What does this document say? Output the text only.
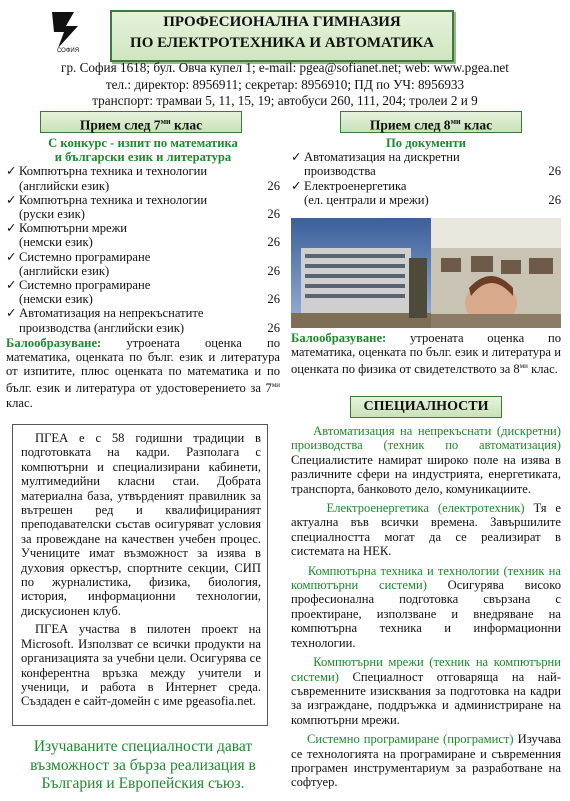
СОФИЯ
ПРОФЕСИОНАЛНА ГИМНАЗИЯ
ПО ЕЛЕКТРОТЕХНИКА И АВТОМАТИКА
гр. София 1618; бул. Овча купел 1; e-mail: pgea@sofianet.net; web: www.pgea.net
тел.: директор: 8956911; секретар: 8956910; ПД по УЧ: 8956933
транспорт: трамваи 5, 11, 15, 19; автобуси 260, 111, 204; тролеи 2 и 9
Прием след $7^{ми}$ клас	Прием след $8^{ми}$ клас
С конкурс - изпит по математика
и български език и литература
✓ Компютърна техника и технологии
(английски език)	26
✓ Компютърна техника и технологии
(руски език)	26
✓ Компютърни мрежи
(немски език)	26
✓ Системно програмиране
(английски език)	26
✓ Системно програмиране
(немски език)	26
✓ Автоматизация на непрекъснатите
производства (английски език)	26
Балообразуване: утроената оценка по математика, оценката по бълг. език и литература от изпитите, плюс оценката по математика и по бълг. език и литература от удостоверението за $7^{ми}$ клас.
По документи
✓ Автоматизация на дискретни
производства	26
✓ Електроенергетика
(ел. централи и мрежи)	26
Балообразуване: утроената оценка по математика, оценката по бълг. език и литература и оценката по физика от свидетелството за $8^{ми}$ клас.
СПЕЦИАЛНОСТИ

ПГЕА е с 58 годишни традиции в подготовката на кадри. Разполага с компютърни и специализирани кабинети, мултимедийни класни стаи. Добрата материална база, утвърденият правилник за вътрешен ред и квалифицираният преподавателски състав осигуряват условия за провеждане на качествен учебен процес. Учениците имат възможност за изява в духовия оркестър, спортните секции, СИП по журналистика, физика, биология, история, информационни технологии, дискусионен клуб.

ПГЕА участва в пилотен проект на Microsoft. Използват се всички продукти на организацията за учебни цели. Осигурява се конферентна връзка между учители и ученици, и работа в Интернет среда. Създаден е сайт-домейн с име pgeasofia.net.

Изучаваните специалности дават възможност за бърза реализация в България и Европейския съюз.

Автоматизация на непрекъснати (дискретни) производства (техник по автоматизация) Специалистите намират широко поле на изява в различните сфери на индустрията, енергетиката, транспорта, банковото дело, комуникациите.

Електроенергетика (електротехник) Тя е актуална във всички времена. Завършилите специалността могат да се реализират в системата на НЕК.

Компютърна техника и технологии (техник на компютърни системи) Осигурява високо професионална подготовка свързана с проектиране, използване и внедряване на компютърна техника и информационни технологии.

Компютърни мрежи (техник на компютърни системи) Специалност отговаряща на най-съвременните изисквания за подготовка на кадри за изграждане, поддръжка и администриране на компютърни мрежи.

Системно програмиране (програмист) Изучава се технологията на програмиране и съвременния програмен инструментариум за разработване на софтуер.
